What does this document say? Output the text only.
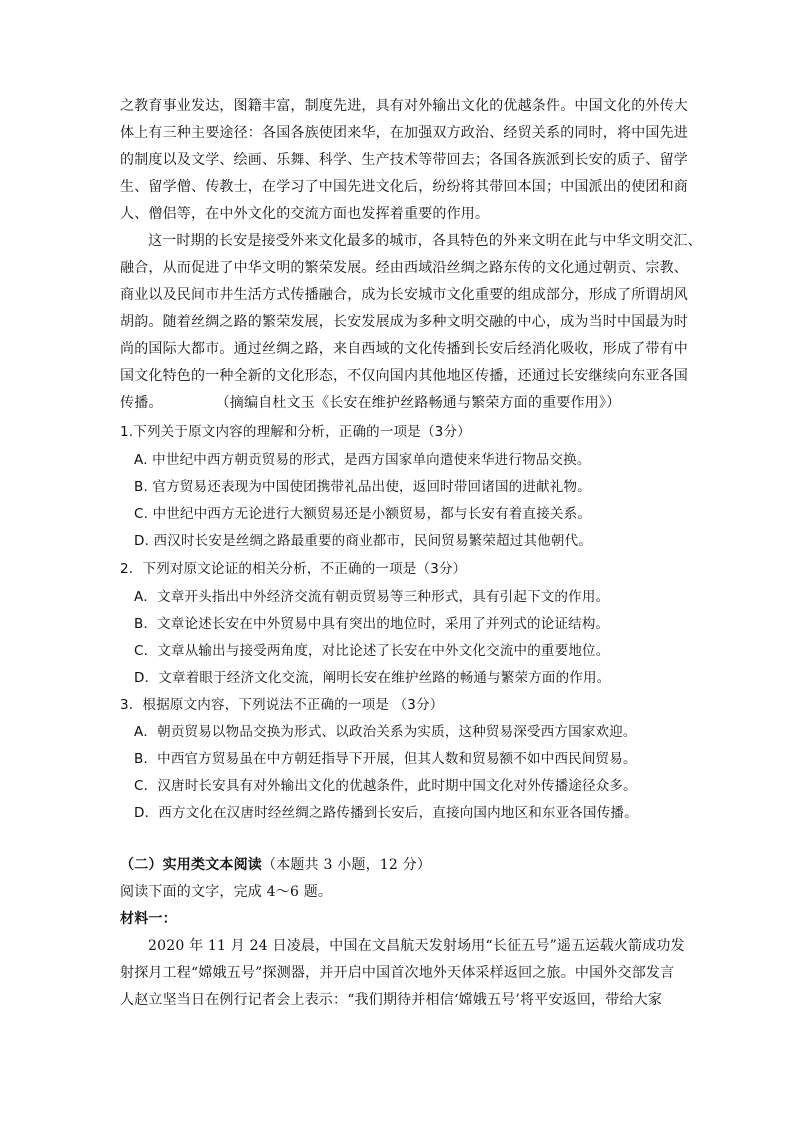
之教育事业发达，图籍丰富，制度先进，具有对外输出文化的优越条件。中国文化的外传大
体上有三种主要途径：各国各族使团来华，在加强双方政治、经贸关系的同时，将中国先进
的制度以及文学、绘画、乐舞、科学、生产技术等带回去；各国各族派到长安的质子、留学
生、留学僧、传教士，在学习了中国先进文化后，纷纷将其带回本国；中国派出的使团和商
人、僧侣等，在中外文化的交流方面也发挥着重要的作用。
这一时期的长安是接受外来文化最多的城市，各具特色的外来文明在此与中华文明交汇、
融合，从而促进了中华文明的繁荣发展。经由西域沿丝绸之路东传的文化通过朝贡、宗教、
商业以及民间市井生活方式传播融合，成为长安城市文化重要的组成部分，形成了所谓胡风
胡韵。随着丝绸之路的繁荣发展，长安发展成为多种文明交融的中心，成为当时中国最为时
尚的国际大都市。通过丝绸之路，来自西域的文化传播到长安后经消化吸收，形成了带有中
国文化特色的一种全新的文化形态，不仅向国内其他地区传播，还通过长安继续向东亚各国
传播。	（摘编自杜文玉《长安在维护丝路畅通与繁荣方面的重要作用》）
1.下列关于原文内容的理解和分析，正确的一项是（3分）
A. 中世纪中西方朝贡贸易的形式，是西方国家单向遣使来华进行物品交换。
B. 官方贸易还表现为中国使团携带礼品出使，返回时带回诸国的进献礼物。
C. 中世纪中西方无论进行大额贸易还是小额贸易，都与长安有着直接关系。
D. 西汉时长安是丝绸之路最重要的商业都市，民间贸易繁荣超过其他朝代。
2．下列对原文论证的相关分析，不正确的一项是（3分）
A．文章开头指出中外经济交流有朝贡贸易等三种形式，具有引起下文的作用。
B．文章论述长安在中外贸易中具有突出的地位时，采用了并列式的论证结构。
C．文章从输出与接受两角度，对比论述了长安在中外文化交流中的重要地位。
D．文章着眼于经济文化交流，阐明长安在维护丝路的畅通与繁荣方面的作用。
3．根据原文内容，下列说法不正确的一项是 （3分）
A．朝贡贸易以物品交换为形式、以政治关系为实质，这种贸易深受西方国家欢迎。
B．中西官方贸易虽在中方朝廷指导下开展，但其人数和贸易额不如中西民间贸易。
C．汉唐时长安具有对外输出文化的优越条件，此时期中国文化对外传播途径众多。
D．西方文化在汉唐时经丝绸之路传播到长安后，直接向国内地区和东亚各国传播。
（二）实用类文本阅读（本题共 3 小题，12 分）
阅读下面的文字，完成 4～6 题。
材料一：
2020 年 11 月 24 日凌晨，中国在文昌航天发射场用“长征五号”遥五运载火箭成功发
射探月工程“嫦娥五号”探测器，并开启中国首次地外天体采样返回之旅。中国外交部发言
人赵立坚当日在例行记者会上表示：“我们期待并相信‘嫦娥五号’将平安返回，带给大家
